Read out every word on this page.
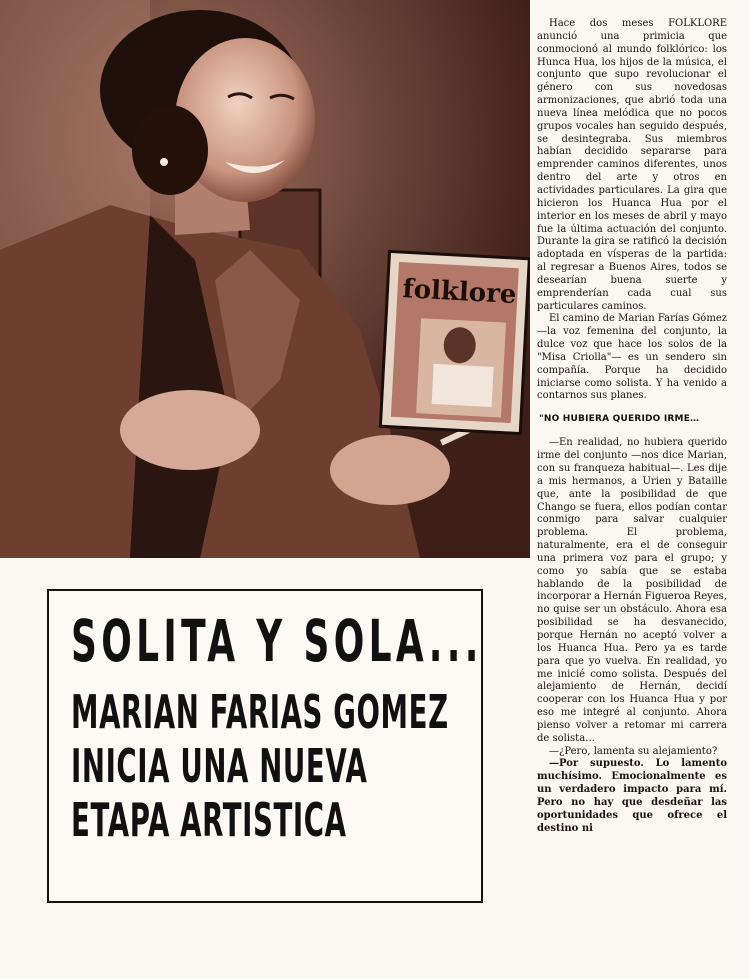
folklore

Hace dos meses FOLKLORE anunció una primicia que conmocionó al mundo folklórico: los Hunca Hua, los hijos de la música, el conjunto que supo revolucionar el género con sus novedosas armonizaciones, que abrió toda una nueva línea melódica que no pocos grupos vocales han seguido después, se desintegraba. Sus miembros habían decidido separarse para emprender caminos diferentes, unos dentro del arte y otros en actividades particulares. La gira que hicieron los Huanca Hua por el interior en los meses de abril y mayo fue la última actuación del conjunto. Durante la gira se ratificó la decisión adoptada en vísperas de la partida: al regresar a Buenos Aires, todos se desearían buena suerte y emprenderían cada cual sus particulares caminos.

El camino de Marian Farías Gómez —la voz femenina del conjunto, la dulce voz que hace los solos de la "Misa Criolla"— es un sendero sin compañía. Porque ha decidido iniciarse como solista. Y ha venido a contarnos sus planes.

"NO HUBIERA QUERIDO IRME…

—En realidad, no hubiera querido irme del conjunto —nos dice Marian, con su franqueza habitual—. Les dije a mis hermanos, a Urien y Bataille que, ante la posibilidad de que Chango se fuera, ellos podían contar conmigo para salvar cualquier problema. El problema, naturalmente, era el de conseguir una primera voz para el grupo; y como yo sabía que se estaba hablando de la posibilidad de incorporar a Hernán Figueroa Reyes, no quise ser un obstáculo. Ahora esa posibilidad se ha desvanecido, porque Hernán no aceptó volver a los Huanca Hua. Pero ya es tarde para que yo vuelva. En realidad, yo me inicié como solista. Después del alejamiento de Hernán, decidí cooperar con los Huanca Hua y por eso me integré al conjunto. Ahora pienso volver a retomar mi carrera de solista…

—¿Pero, lamenta su alejamiento?

—Por supuesto. Lo lamento muchísimo. Emocionalmente es un verdadero impacto para mí. Pero no hay que desdeñar las oportunidades que ofrece el destino ni

SOLITA Y SOLA...
MARIAN FARIAS GOMEZ
INICIA UNA NUEVA
ETAPA ARTISTICA
